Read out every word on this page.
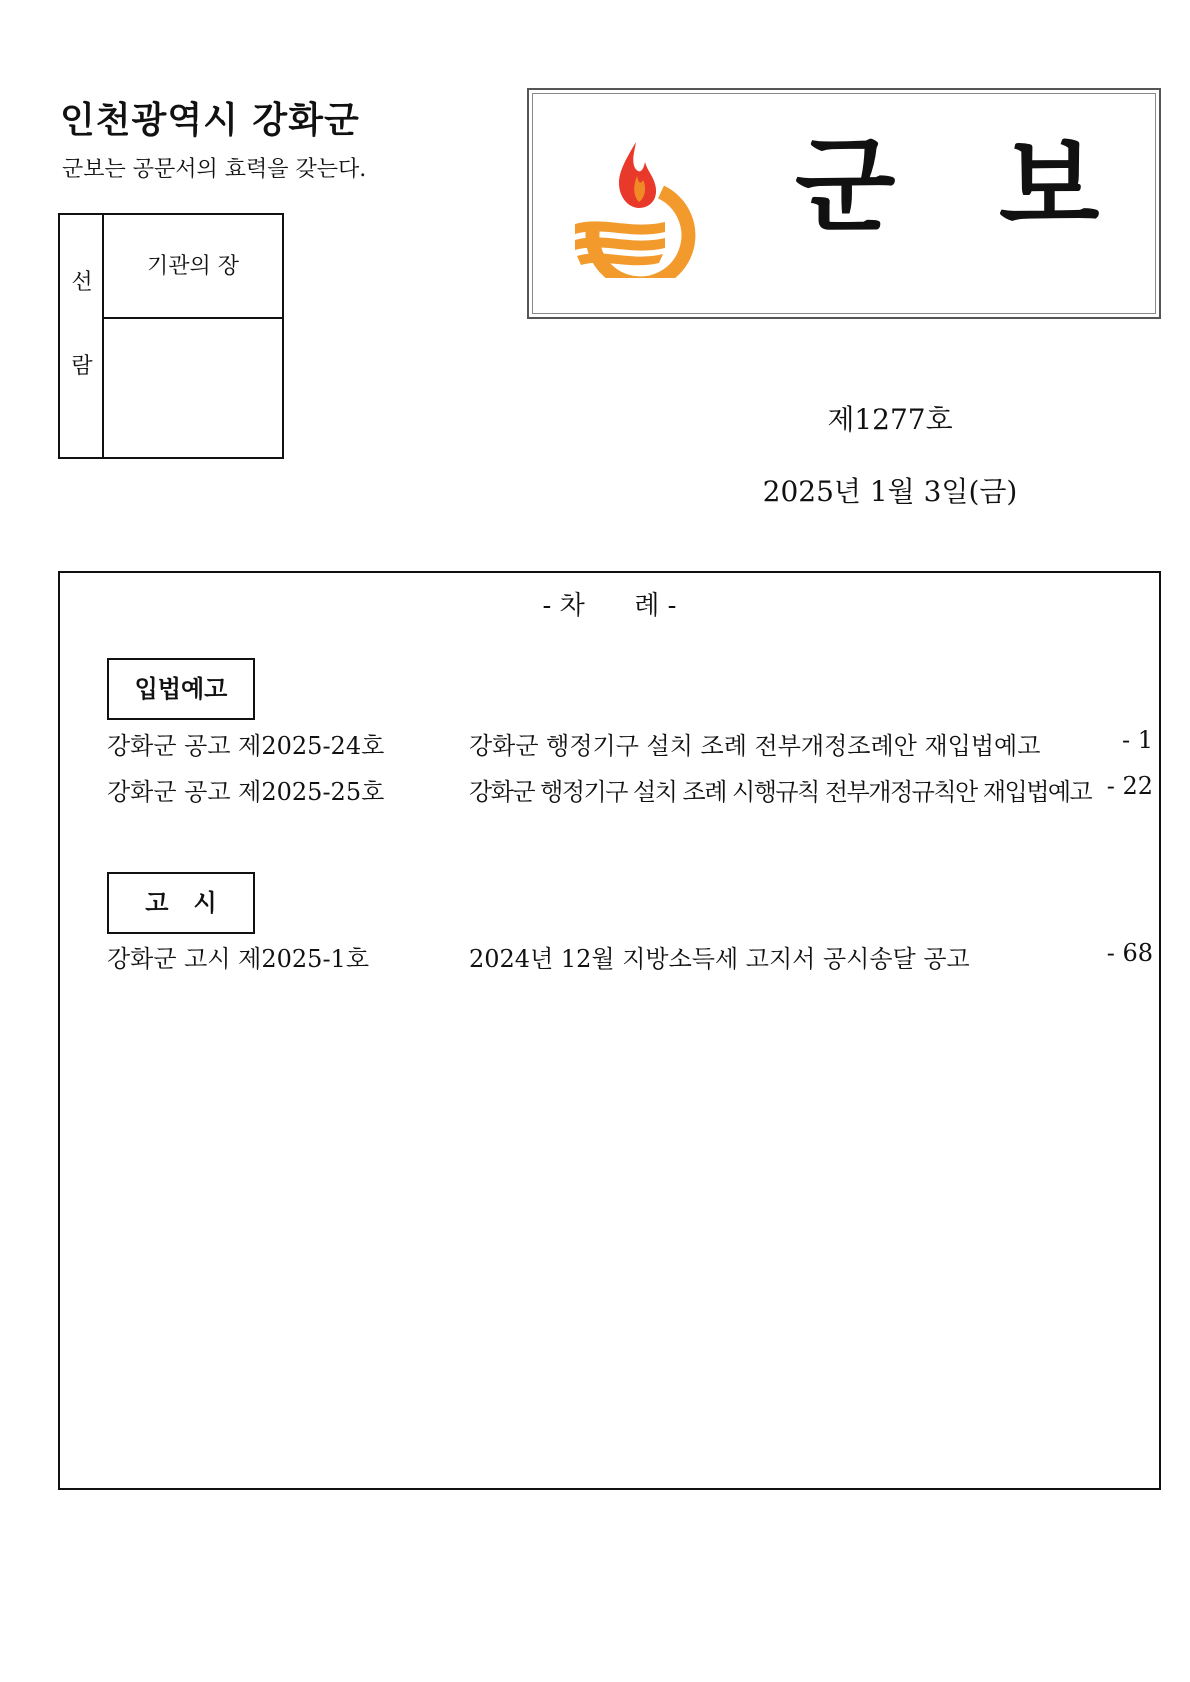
인천광역시 강화군
군보는 공문서의 효력을 갖는다.
선
람
기관의 장
군 보
제1277호
2025년 1월 3일(금)
- 차      례 -
입법예고
강화군 공고 제2025-24호	강화군 행정기구 설치 조례 전부개정조례안 재입법예고	- 1
강화군 공고 제2025-25호	강화군 행정기구 설치 조례 시행규칙 전부개정규칙안 재입법예고 - 22
고   시
강화군 고시 제2025-1호	2024년 12월 지방소득세 고지서 공시송달 공고	- 68
